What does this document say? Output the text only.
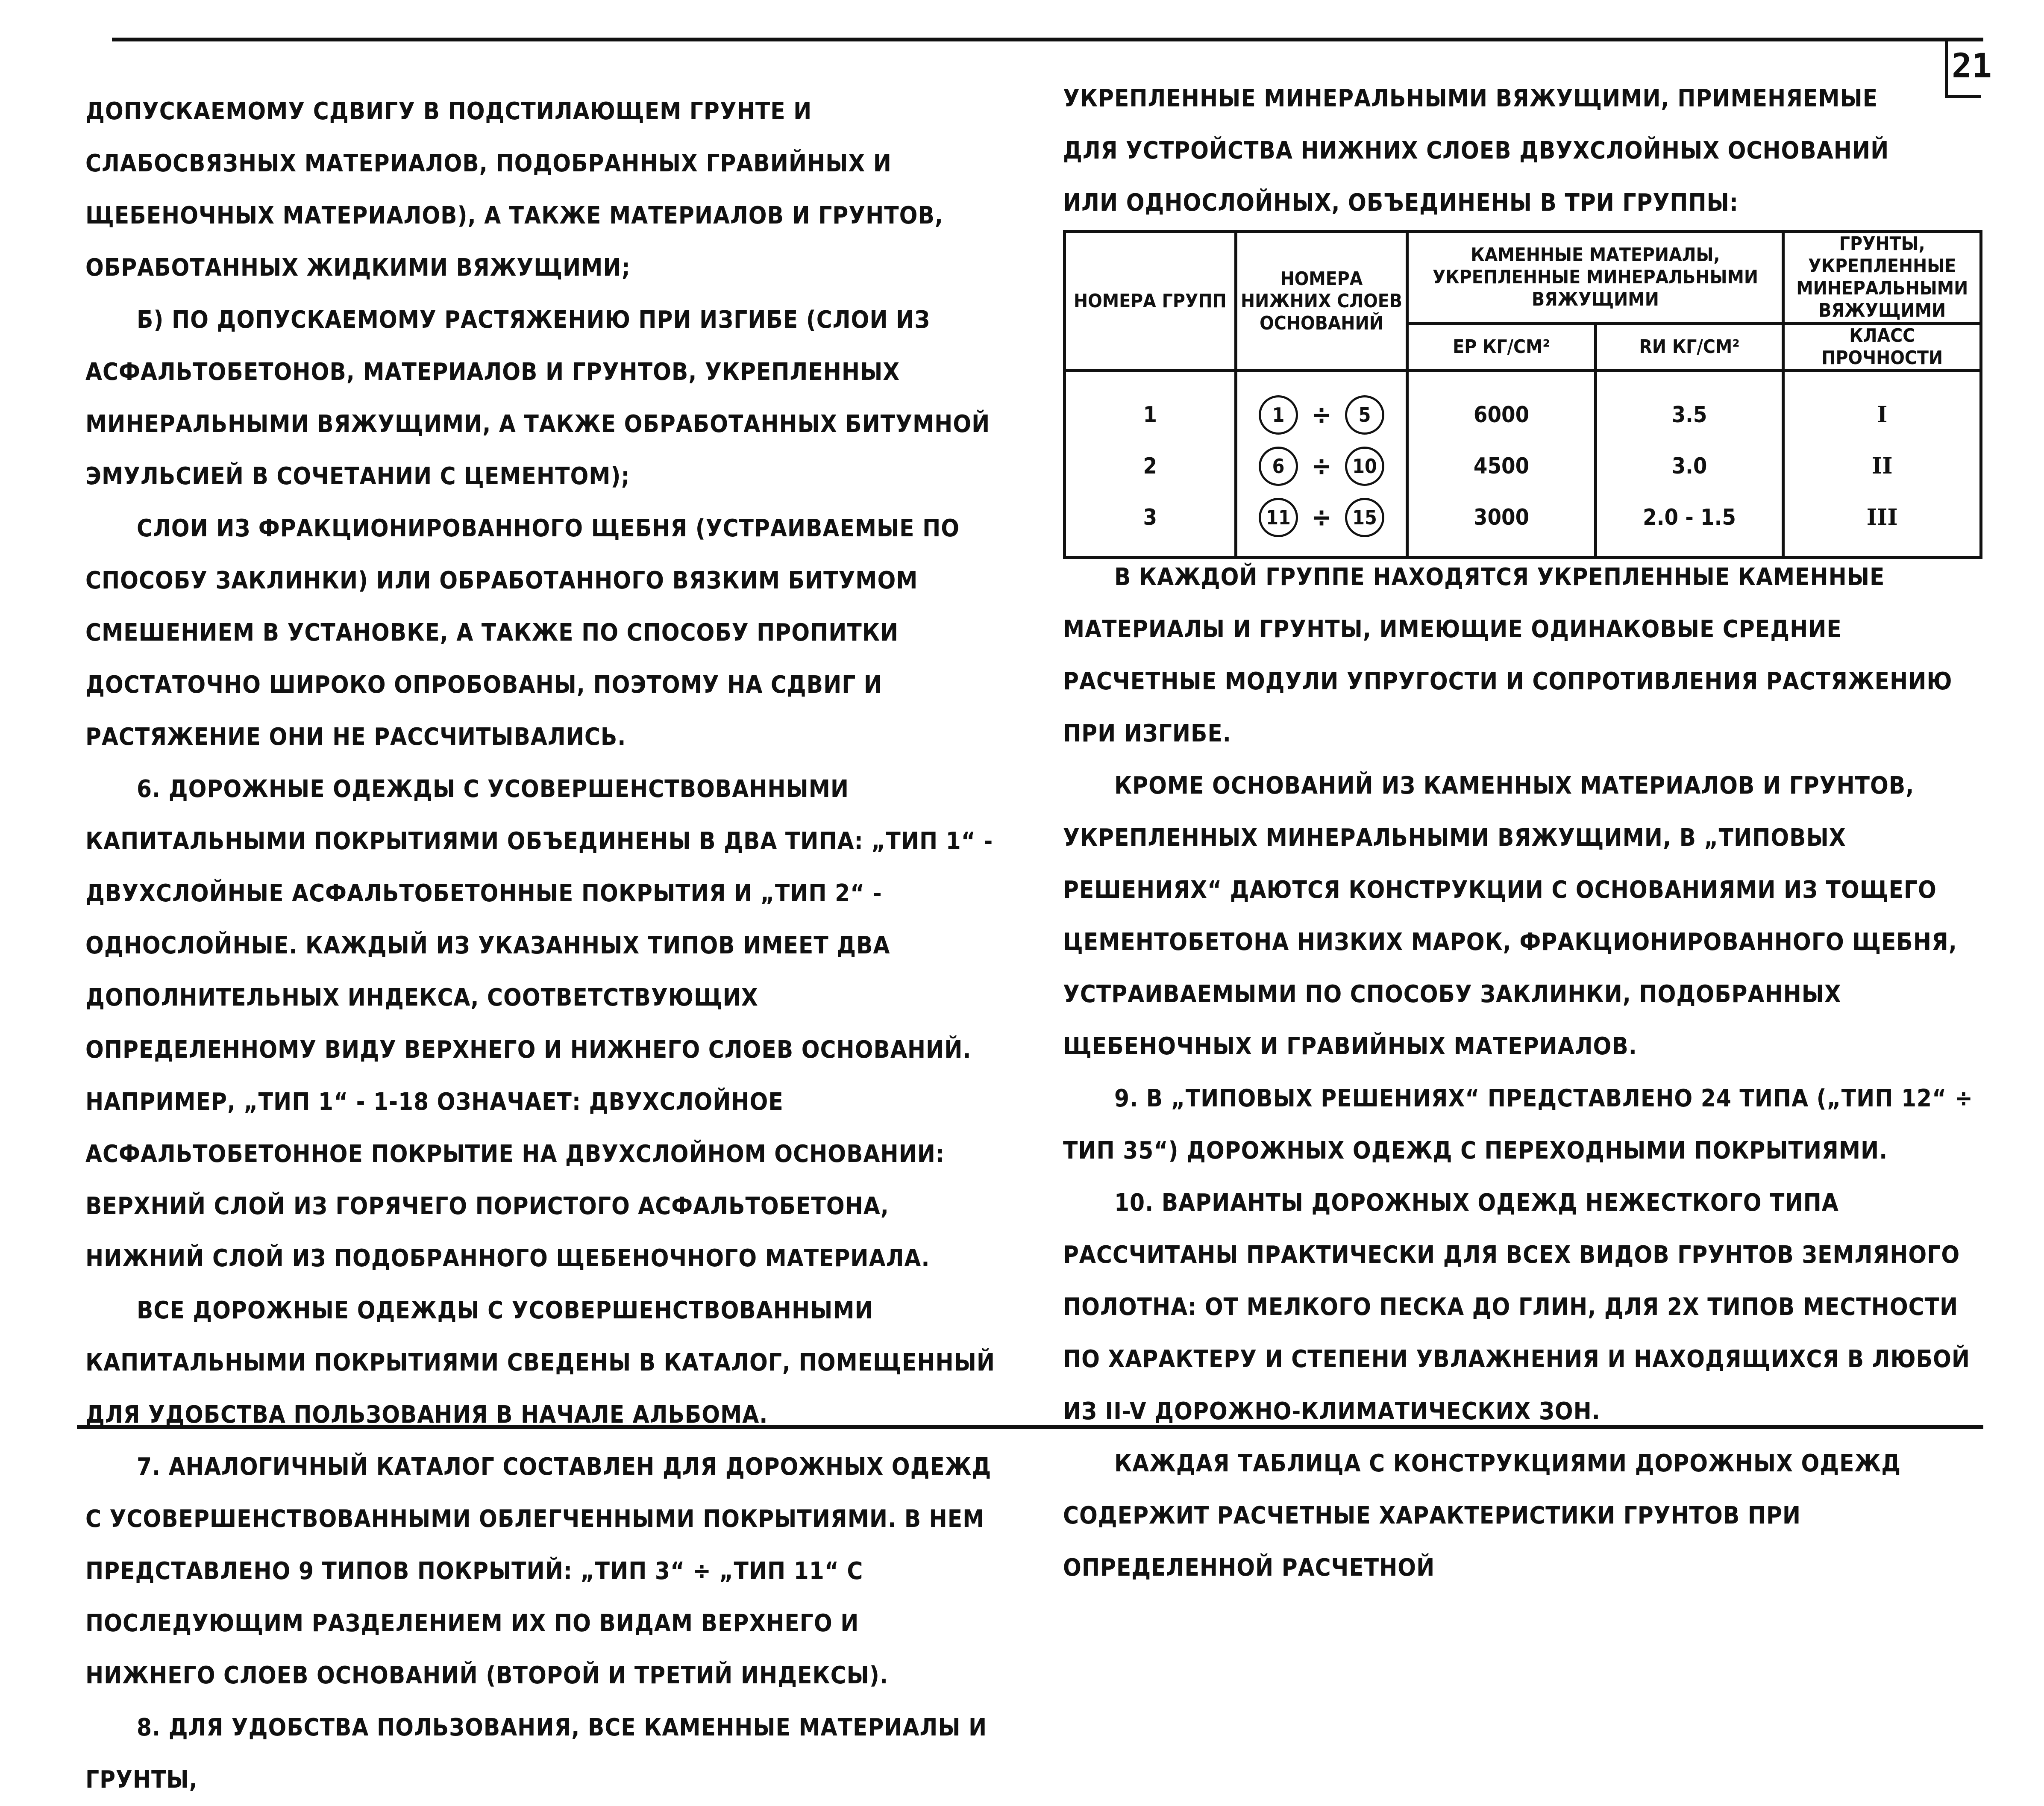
21

ДОПУСКАЕМОМУ СДВИГУ В ПОДСТИЛАЮЩЕМ ГРУНТЕ И СЛАБОСВЯЗНЫХ МАТЕРИАЛОВ, ПОДОБРАННЫХ ГРАВИЙНЫХ И ЩЕБЕНОЧНЫХ МАТЕРИАЛОВ), А ТАКЖЕ МАТЕРИАЛОВ И ГРУНТОВ, ОБРАБОТАННЫХ ЖИДКИМИ ВЯЖУЩИМИ;

Б) ПО ДОПУСКАЕМОМУ РАСТЯЖЕНИЮ ПРИ ИЗГИБЕ (СЛОИ ИЗ АСФАЛЬТОБЕТОНОВ, МАТЕРИАЛОВ И ГРУНТОВ, УКРЕПЛЕННЫХ МИНЕРАЛЬНЫМИ ВЯЖУЩИМИ, А ТАКЖЕ ОБРАБОТАННЫХ БИТУМНОЙ ЭМУЛЬСИЕЙ В СОЧЕТАНИИ С ЦЕМЕНТОМ);

СЛОИ ИЗ ФРАКЦИОНИРОВАННОГО ЩЕБНЯ (УСТРАИВАЕМЫЕ ПО СПОСОБУ ЗАКЛИНКИ) ИЛИ ОБРАБОТАННОГО ВЯЗКИМ БИТУМОМ СМЕШЕНИЕМ В УСТАНОВКЕ, А ТАКЖЕ ПО СПОСОБУ ПРОПИТКИ ДОСТАТОЧНО ШИРОКО ОПРОБОВАНЫ, ПОЭТОМУ НА СДВИГ И РАСТЯЖЕНИЕ ОНИ НЕ РАССЧИТЫВАЛИСЬ.

6. ДОРОЖНЫЕ ОДЕЖДЫ С УСОВЕРШЕНСТВОВАННЫМИ КАПИТАЛЬНЫМИ ПОКРЫТИЯМИ ОБЪЕДИНЕНЫ В ДВА ТИПА: „ТИП 1“ - ДВУХСЛОЙНЫЕ АСФАЛЬТОБЕТОННЫЕ ПОКРЫТИЯ И „ТИП 2“ - ОДНОСЛОЙНЫЕ. КАЖДЫЙ ИЗ УКАЗАННЫХ ТИПОВ ИМЕЕТ ДВА ДОПОЛНИТЕЛЬНЫХ ИНДЕКСА, СООТВЕТСТВУЮЩИХ ОПРЕДЕЛЕННОМУ ВИДУ ВЕРХНЕГО И НИЖНЕГО СЛОЕВ ОСНОВАНИЙ. НАПРИМЕР, „ТИП 1“ - 1-18 ОЗНАЧАЕТ: ДВУХСЛОЙНОЕ АСФАЛЬТОБЕТОННОЕ ПОКРЫТИЕ НА ДВУХСЛОЙНОМ ОСНОВАНИИ: ВЕРХНИЙ СЛОЙ ИЗ ГОРЯЧЕГО ПОРИСТОГО АСФАЛЬТОБЕТОНА, НИЖНИЙ СЛОЙ ИЗ ПОДОБРАННОГО ЩЕБЕНОЧНОГО МАТЕРИАЛА.

ВСЕ ДОРОЖНЫЕ ОДЕЖДЫ С УСОВЕРШЕНСТВОВАННЫМИ КАПИТАЛЬНЫМИ ПОКРЫТИЯМИ СВЕДЕНЫ В КАТАЛОГ, ПОМЕЩЕННЫЙ ДЛЯ УДОБСТВА ПОЛЬЗОВАНИЯ В НАЧАЛЕ АЛЬБОМА.

7. АНАЛОГИЧНЫЙ КАТАЛОГ СОСТАВЛЕН ДЛЯ ДОРОЖНЫХ ОДЕЖД С УСОВЕРШЕНСТВОВАННЫМИ ОБЛЕГЧЕННЫМИ ПОКРЫТИЯМИ. В НЕМ ПРЕДСТАВЛЕНО 9 ТИПОВ ПОКРЫТИЙ: „ТИП 3“ ÷ „ТИП 11“ С ПОСЛЕДУЮЩИМ РАЗДЕЛЕНИЕМ ИХ ПО ВИДАМ ВЕРХНЕГО И НИЖНЕГО СЛОЕВ ОСНОВАНИЙ (ВТОРОЙ И ТРЕТИЙ ИНДЕКСЫ).

8. ДЛЯ УДОБСТВА ПОЛЬЗОВАНИЯ, ВСЕ КАМЕННЫЕ МАТЕРИАЛЫ И ГРУНТЫ,

УКРЕПЛЕННЫЕ МИНЕРАЛЬНЫМИ ВЯЖУЩИМИ, ПРИМЕНЯЕМЫЕ ДЛЯ УСТРОЙСТВА НИЖНИХ СЛОЕВ ДВУХСЛОЙНЫХ ОСНОВАНИЙ ИЛИ ОДНОСЛОЙНЫХ, ОБЪЕДИНЕНЫ В ТРИ ГРУППЫ:

НОМЕРА ГРУПП	НОМЕРА НИЖНИХ СЛОЕВ ОСНОВАНИЙ	КАМЕННЫЕ МАТЕРИАЛЫ, УКРЕПЛЕННЫЕ МИНЕРАЛЬНЫМИ ВЯЖУЩИМИ		ГРУНТЫ, УКРЕПЛЕННЫЕ МИНЕРАЛЬНЫМИ ВЯЖУЩИМИ
		EР КГ/СМ²	RИ КГ/СМ²	КЛАСС ПРОЧНОСТИ
1	1 ÷ 5	6000	3.5	I
2	6 ÷ 10	4500	3.0	II
3	11 ÷ 15	3000	2.0 - 1.5	III

В КАЖДОЙ ГРУППЕ НАХОДЯТСЯ УКРЕПЛЕННЫЕ КАМЕННЫЕ МАТЕРИАЛЫ И ГРУНТЫ, ИМЕЮЩИЕ ОДИНАКОВЫЕ СРЕДНИЕ РАСЧЕТНЫЕ МОДУЛИ УПРУГОСТИ И СОПРОТИВЛЕНИЯ РАСТЯЖЕНИЮ ПРИ ИЗГИБЕ.

КРОМЕ ОСНОВАНИЙ ИЗ КАМЕННЫХ МАТЕРИАЛОВ И ГРУНТОВ, УКРЕПЛЕННЫХ МИНЕРАЛЬНЫМИ ВЯЖУЩИМИ, В „ТИПОВЫХ РЕШЕНИЯХ“ ДАЮТСЯ КОНСТРУКЦИИ С ОСНОВАНИЯМИ ИЗ ТОЩЕГО ЦЕМЕНТОБЕТОНА НИЗКИХ МАРОК, ФРАКЦИОНИРОВАННОГО ЩЕБНЯ, УСТРАИВАЕМЫМИ ПО СПОСОБУ ЗАКЛИНКИ, ПОДОБРАННЫХ ЩЕБЕНОЧНЫХ И ГРАВИЙНЫХ МАТЕРИАЛОВ.

9. В „ТИПОВЫХ РЕШЕНИЯХ“ ПРЕДСТАВЛЕНО 24 ТИПА („ТИП 12“ ÷ ТИП 35“) ДОРОЖНЫХ ОДЕЖД С ПЕРЕХОДНЫМИ ПОКРЫТИЯМИ.

10. ВАРИАНТЫ ДОРОЖНЫХ ОДЕЖД НЕЖЕСТКОГО ТИПА РАССЧИТАНЫ ПРАКТИЧЕСКИ ДЛЯ ВСЕХ ВИДОВ ГРУНТОВ ЗЕМЛЯНОГО ПОЛОТНА: ОТ МЕЛКОГО ПЕСКА ДО ГЛИН, ДЛЯ 2Х ТИПОВ МЕСТНОСТИ ПО ХАРАКТЕРУ И СТЕПЕНИ УВЛАЖНЕНИЯ И НАХОДЯЩИХСЯ В ЛЮБОЙ ИЗ II-V ДОРОЖНО-КЛИМАТИЧЕСКИХ ЗОН.

КАЖДАЯ ТАБЛИЦА С КОНСТРУКЦИЯМИ ДОРОЖНЫХ ОДЕЖД СОДЕРЖИТ РАСЧЕТНЫЕ ХАРАКТЕРИСТИКИ ГРУНТОВ ПРИ ОПРЕДЕЛЕННОЙ РАСЧЕТНОЙ
